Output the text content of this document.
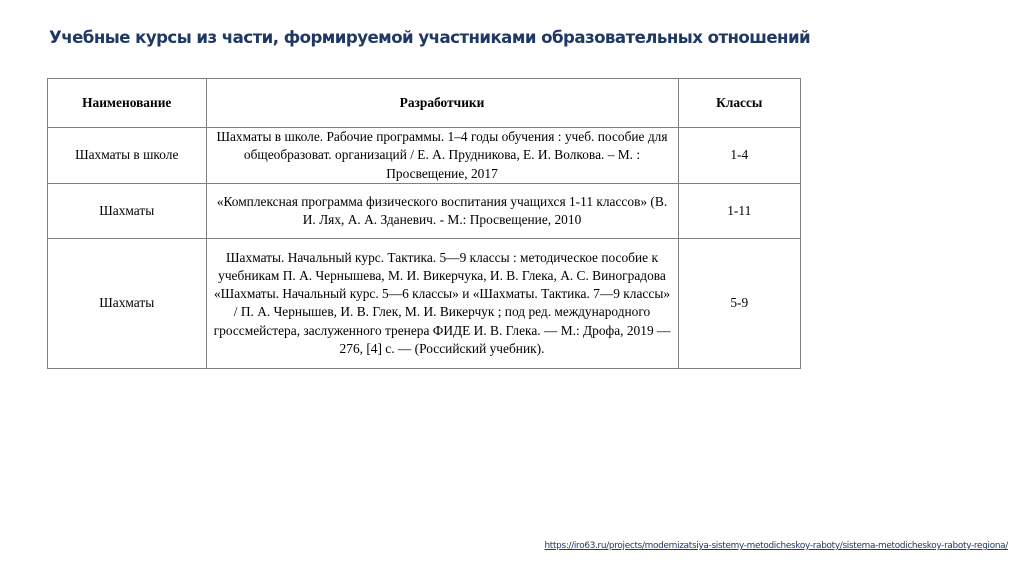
Учебные курсы из части, формируемой участниками образовательных отношений
Наименование	Разработчики	Классы
Шахматы в школе	Шахматы в школе. Рабочие программы. 1–4 годы обучения : учеб. пособие для общеобразоват. организаций / Е. А. Прудникова, Е. И. Волкова. – М. : Просвещение, 2017	1-4
Шахматы	«Комплексная программа физического воспитания учащихся 1-11 классов» (В. И. Лях, А. А. Зданевич. - М.: Просвещение, 2010	1-11
Шахматы	Шахматы. Начальный курс. Тактика. 5—9 классы : методическое пособие к учебникам П. А. Чернышева, М. И. Викерчука, И. В. Глека, А. С. Виноградова «Шахматы. Начальный курс. 5—6 классы» и «Шахматы. Тактика. 7—9 классы» / П. А. Чернышев, И. В. Глек, М. И. Викерчук ; под ред. международного гроссмейстера, заслуженного тренера ФИДЕ И. В. Глека. — М.: Дрофа, 2019 — 276, [4] с. — (Российский учебник).	5-9
https://iro63.ru/projects/modernizatsiya-sistemy-metodicheskoy-raboty/sistema-metodicheskoy-raboty-regiona/
